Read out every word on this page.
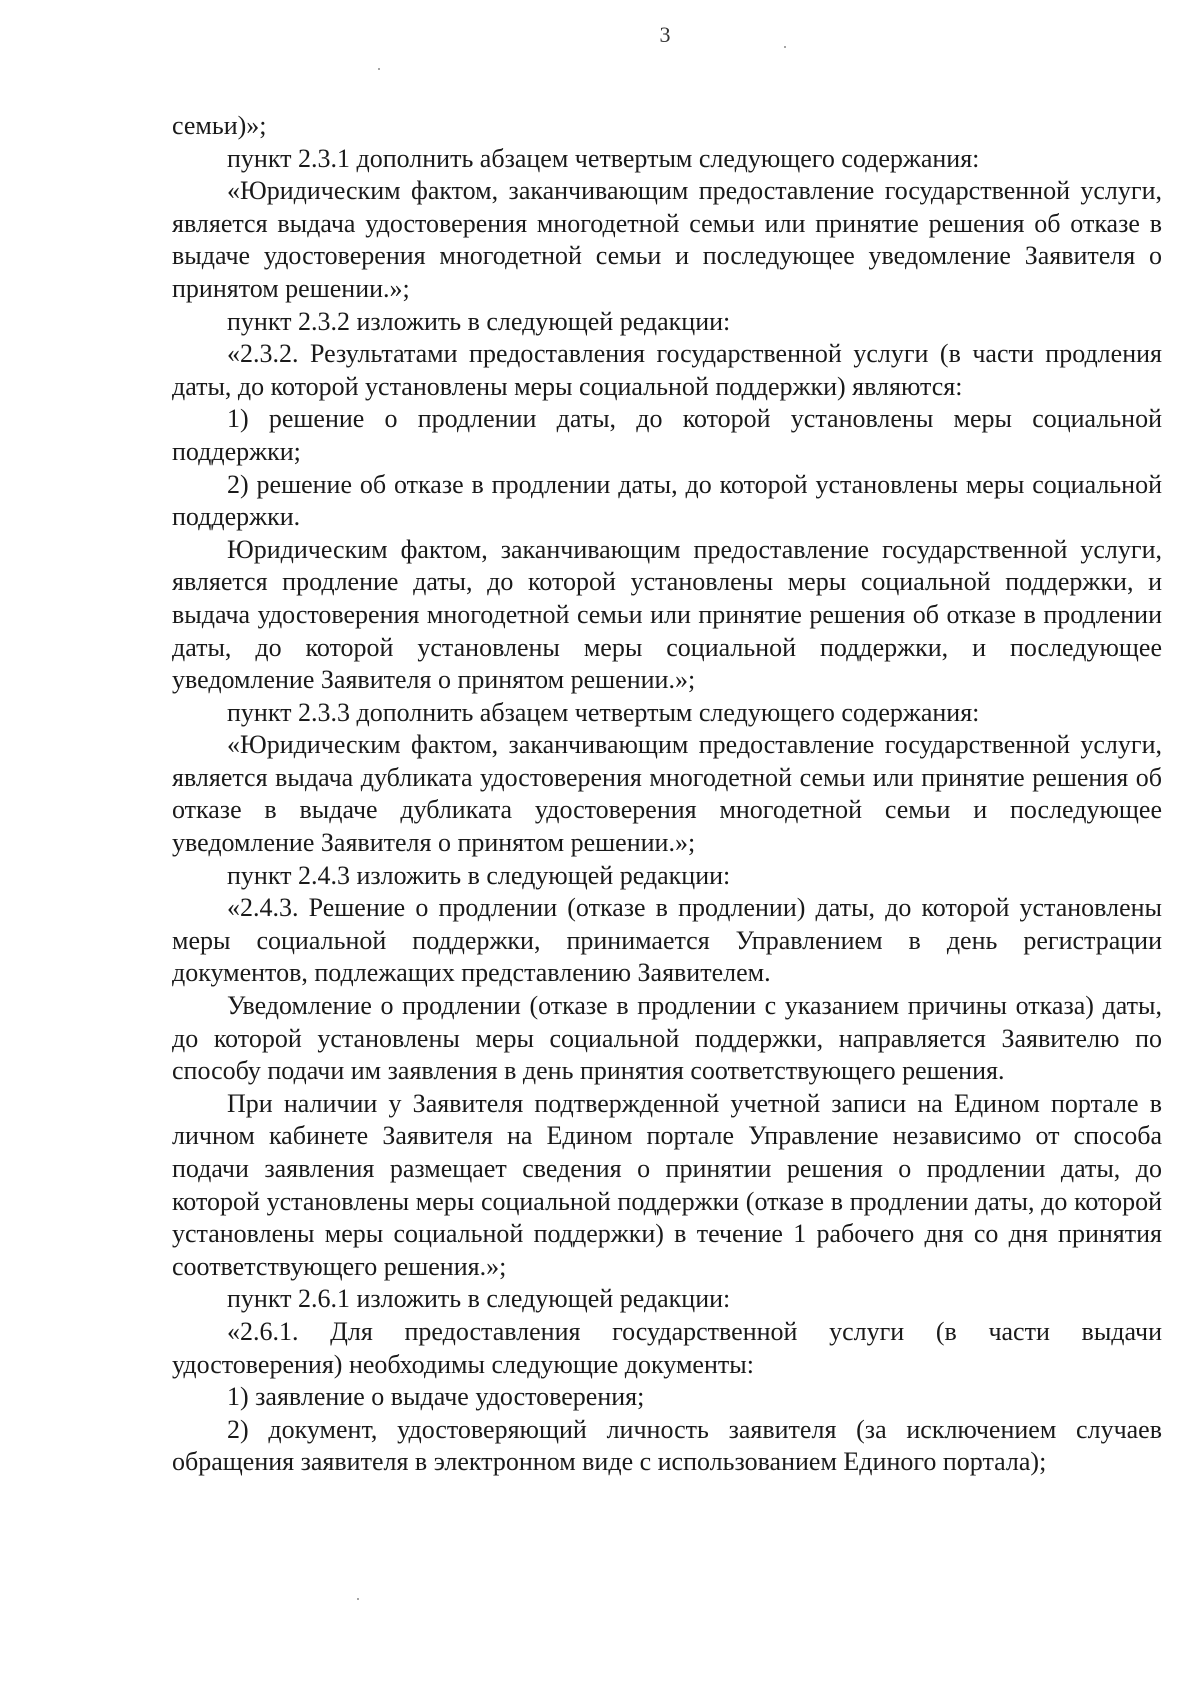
3

семьи)»;

пункт 2.3.1 дополнить абзацем четвертым следующего содержания:

«Юридическим фактом, заканчивающим предоставление государственной услуги, является выдача удостоверения многодетной семьи или принятие решения об отказе в выдаче удостоверения многодетной семьи и последующее уведомление Заявителя о принятом решении.»;

пункт 2.3.2 изложить в следующей редакции:

«2.3.2. Результатами предоставления государственной услуги (в части продления даты, до которой установлены меры социальной поддержки) являются:

1) решение о продлении даты, до которой установлены меры социальной поддержки;

2) решение об отказе в продлении даты, до которой установлены меры социальной поддержки.

Юридическим фактом, заканчивающим предоставление государственной услуги, является продление даты, до которой установлены меры социальной поддержки, и выдача удостоверения многодетной семьи или принятие решения об отказе в продлении даты, до которой установлены меры социальной поддержки, и последующее уведомление Заявителя о принятом решении.»;

пункт 2.3.3 дополнить абзацем четвертым следующего содержания:

«Юридическим фактом, заканчивающим предоставление государственной услуги, является выдача дубликата удостоверения многодетной семьи или принятие решения об отказе в выдаче дубликата удостоверения многодетной семьи и последующее уведомление Заявителя о принятом решении.»;

пункт 2.4.3 изложить в следующей редакции:

«2.4.3. Решение о продлении (отказе в продлении) даты, до которой установлены меры социальной поддержки, принимается Управлением в день регистрации документов, подлежащих представлению Заявителем.

Уведомление о продлении (отказе в продлении с указанием причины отказа) даты, до которой установлены меры социальной поддержки, направляется Заявителю по способу подачи им заявления в день принятия соответствующего решения.

При наличии у Заявителя подтвержденной учетной записи на Едином портале в личном кабинете Заявителя на Едином портале Управление независимо от способа подачи заявления размещает сведения о принятии решения о продлении даты, до которой установлены меры социальной поддержки (отказе в продлении даты, до которой установлены меры социальной поддержки) в течение 1 рабочего дня со дня принятия соответствующего решения.»;

пункт 2.6.1 изложить в следующей редакции:

«2.6.1. Для предоставления государственной услуги (в части выдачи удостоверения) необходимы следующие документы:

1) заявление о выдаче удостоверения;

2) документ, удостоверяющий личность заявителя (за исключением случаев обращения заявителя в электронном виде с использованием Единого портала);
